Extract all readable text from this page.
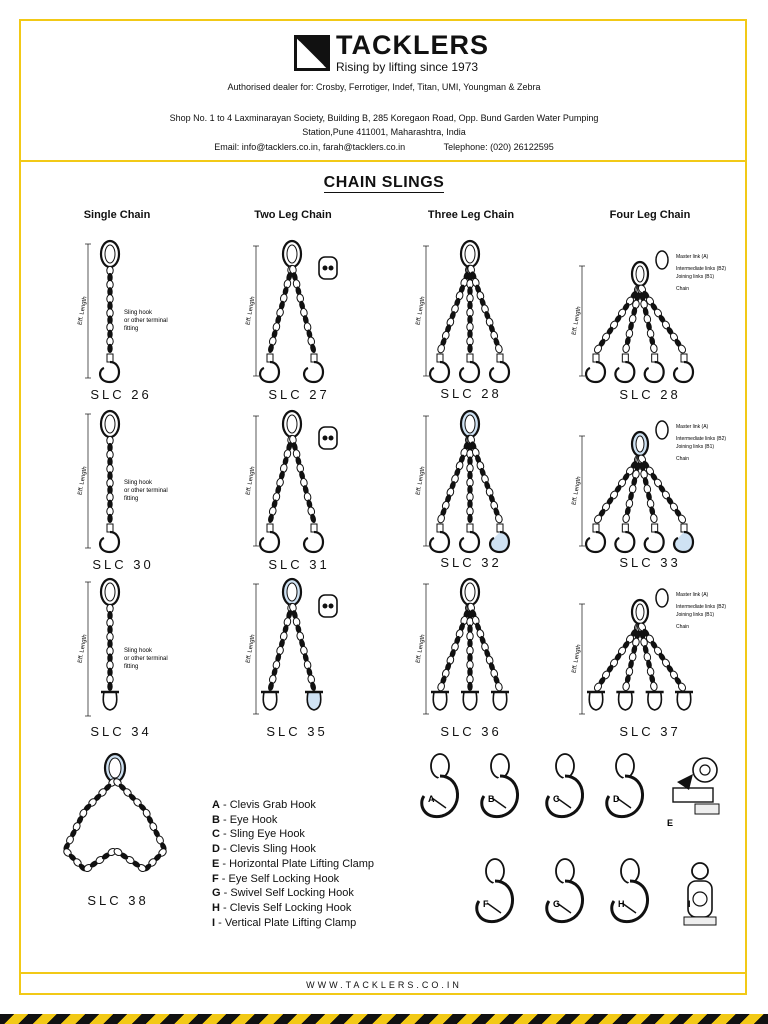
TACKLERS
Rising by lifting since 1973
Authorised dealer for: Crosby, Ferrotiger, Indef, Titan, UMI, Youngman & Zebra
Shop No. 1 to 4 Laxminarayan Society, Building B, 285 Koregaon Road, Opp. Bund Garden Water Pumping
Station,Pune 411001, Maharashtra, India
Email: info@tacklers.co.in, farah@tacklers.co.in	Telephone: (020) 26122595
CHAIN SLINGS
Single Chain	Two Leg Chain	Three Leg Chain	Four Leg Chain
Eff. Length	Sling hook
or other terminal
fitting
Eff. Length	Eff. Length	Eff. Length
Master link (A)
Intermediate links (B2)
Joining links (B1)
Chain
Eff. Length	Sling hook
or other terminal
fitting
Eff. Length	Eff. Length	Eff. Length
Master link (A)
Intermediate links (B2)
Joining links (B1)
Chain
Eff. Length	Sling hook
or other terminal
fitting
Eff. Length	Eff. Length	Eff. Length
Master link (A)
Intermediate links (B2)
Joining links (B1)
Chain
SLC 26	SLC 27	SLC 28	SLC 28
SLC 30	SLC 31	SLC 32	SLC 33
SLC 34	SLC 35	SLC 36	SLC 37
SLC 38
A - Clevis Grab Hook
B - Eye Hook
C - Sling Eye Hook
D - Clevis Sling Hook
E - Horizontal Plate Lifting Clamp
F - Eye Self Locking Hook
G - Swivel Self Locking Hook
H - Clevis Self Locking Hook
I - Vertical Plate Lifting Clamp
A	B	C	D
E
F	G	H	I
WWW.TACKLERS.CO.IN
